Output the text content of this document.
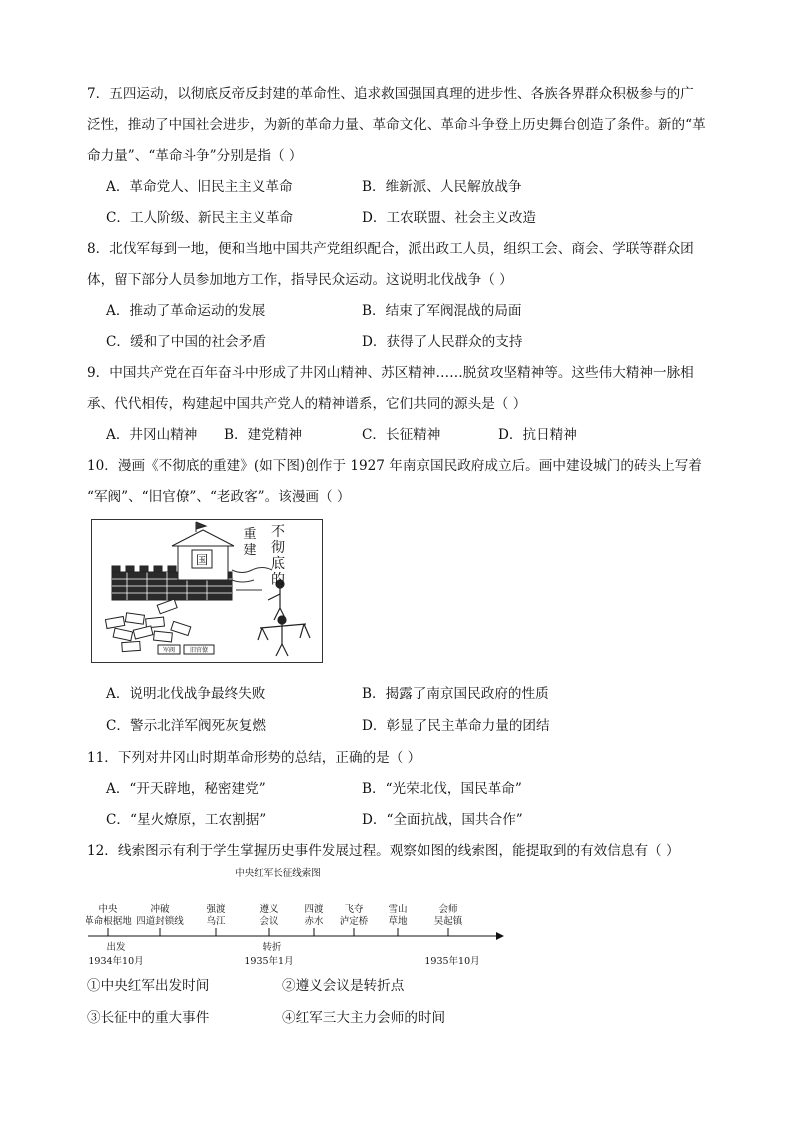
7．五四运动，以彻底反帝反封建的革命性、追求救国强国真理的进步性、各族各界群众积极参与的广
泛性，推动了中国社会进步，为新的革命力量、革命文化、革命斗争登上历史舞台创造了条件。新的“革
命力量”、“革命斗争”分别是指（ ）
A．革命党人、旧民主主义革命	B．维新派、人民解放战争
C．工人阶级、新民主主义革命	D．工农联盟、社会主义改造
8．北伐军每到一地，便和当地中国共产党组织配合，派出政工人员，组织工会、商会、学联等群众团
体，留下部分人员参加地方工作，指导民众运动。这说明北伐战争（ ）
A．推动了革命运动的发展	B．结束了军阀混战的局面
C．缓和了中国的社会矛盾	D．获得了人民群众的支持
9．中国共产党在百年奋斗中形成了井冈山精神、苏区精神……脱贫攻坚精神等。这些伟大精神一脉相
承、代代相传，构建起中国共产党人的精神谱系，它们共同的源头是（ ）
A．井冈山精神 B．建党精神	C．长征精神	D．抗日精神
10．漫画《不彻底的重建》(如下图)创作于 1927 年南京国民政府成立后。画中建设城门的砖头上写着
“军阀”、“旧官僚”、“老政客”。该漫画（ ）
国
军阀 旧官僚
不
彻
底
的
重
建
A．说明北伐战争最终失败	B．揭露了南京国民政府的性质
C．警示北洋军阀死灰复燃	D．彰显了民主革命力量的团结
11．下列对井冈山时期革命形势的总结，正确的是（ ）
A．“开天辟地，秘密建党”	B．“光荣北伐，国民革命”
C．“星火燎原，工农割据”	D．“全面抗战，国共合作”
12．线索图示有利于学生掌握历史事件发展过程。观察如图的线索图，能提取到的有效信息有（ ）
中央红军长征线索图
中央
革命根据地
冲破
四道封锁线
强渡
乌江
遵义
会议
四渡
赤水
飞夺
泸定桥
雪山
草地
会师
吴起镇
出发
1934年10月
转折
1935年1月	1935年10月
①中央红军出发时间	②遵义会议是转折点
③长征中的重大事件	④红军三大主力会师的时间
